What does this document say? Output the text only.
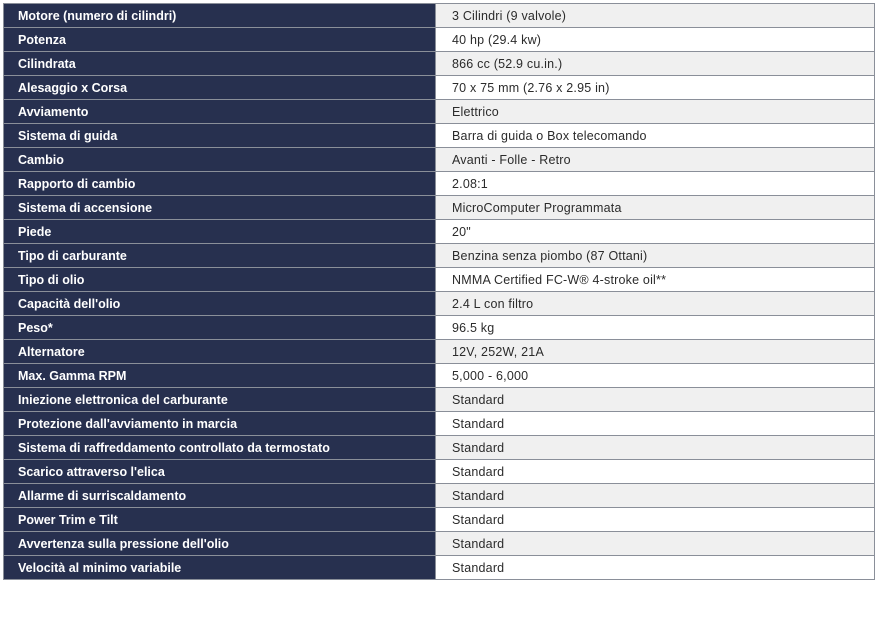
Motore (numero di cilindri)	3 Cilindri (9 valvole)
Potenza	40 hp (29.4 kw)
Cilindrata	866 cc (52.9 cu.in.)
Alesaggio x Corsa	70 x 75 mm (2.76 x 2.95 in)
Avviamento	Elettrico
Sistema di guida	Barra di guida o Box telecomando
Cambio	Avanti - Folle - Retro
Rapporto di cambio	2.08:1
Sistema di accensione	MicroComputer Programmata
Piede	20"
Tipo di carburante	Benzina senza piombo (87 Ottani)
Tipo di olio	NMMA Certified FC-W® 4-stroke oil**
Capacità dell'olio	2.4 L con filtro
Peso*	96.5 kg
Alternatore	12V, 252W, 21A
Max. Gamma RPM	5,000 - 6,000
Iniezione elettronica del carburante	Standard
Protezione dall'avviamento in marcia	Standard
Sistema di raffreddamento controllato da termostato	Standard
Scarico attraverso l'elica	Standard
Allarme di surriscaldamento	Standard
Power Trim e Tilt	Standard
Avvertenza sulla pressione dell'olio	Standard
Velocità al minimo variabile	Standard
